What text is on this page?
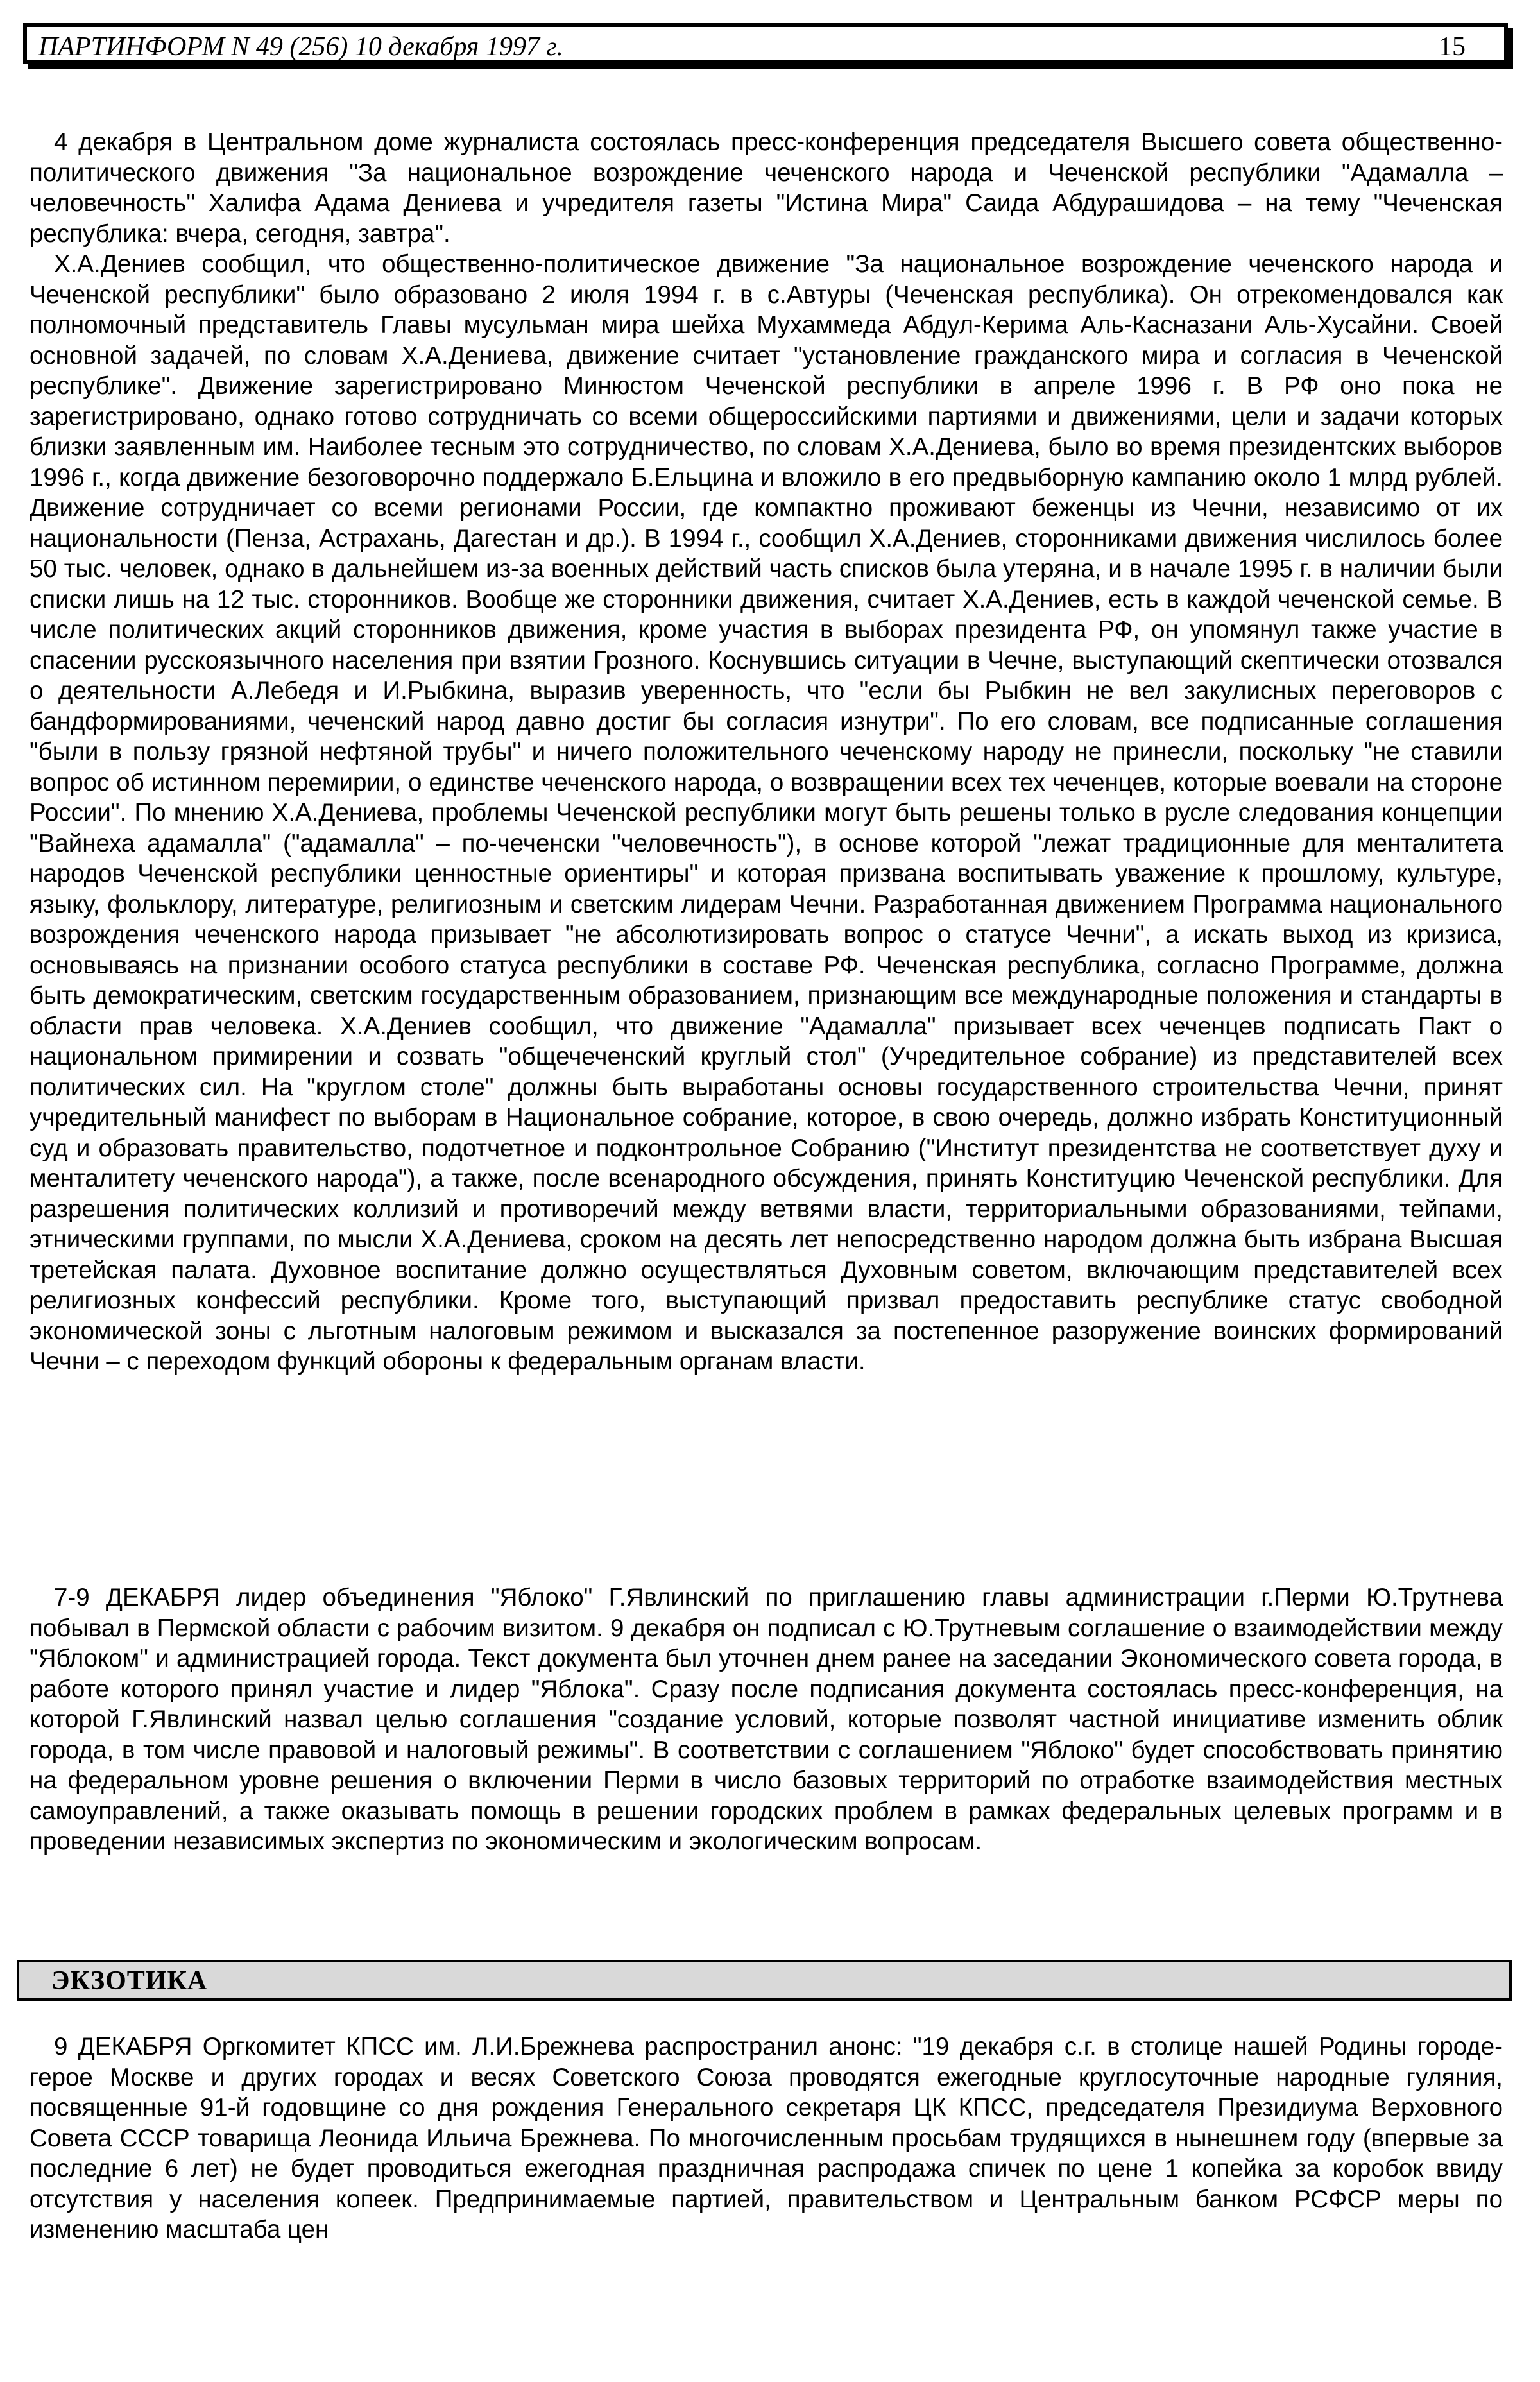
ПАРТИНФОРМ N 49 (256) 10 декабря 1997 г.	15

4 декабря в Центральном доме журналиста состоялась пресс-конференция председателя Высшего совета общественно-политического движения "За национальное возрождение чеченского народа и Чеченской республики "Адамалла – человечность" Халифа Адама Дениева и учредителя газеты "Истина Мира" Саида Абдурашидова – на тему "Чеченская республика: вчера, сегодня, завтра".

Х.А.Дениев сообщил, что общественно-политическое движение "За национальное возрождение чеченского народа и Чеченской республики" было образовано 2 июля 1994 г. в с.Автуры (Чеченская республика). Он отрекомендовался как полномочный представитель Главы мусульман мира шейха Мухаммеда Абдул-Керима Аль-Касназани Аль-Хусайни. Своей основной задачей, по словам Х.А.Дениева, движение считает "установление гражданского мира и согласия в Чеченской республике". Движение зарегистрировано Минюстом Чеченской республики в апреле 1996 г. В РФ оно пока не зарегистрировано, однако готово сотрудничать со всеми общероссийскими партиями и движениями, цели и задачи которых близки заявленным им. Наиболее тесным это сотрудничество, по словам Х.А.Дениева, было во время президентских выборов 1996 г., когда движение безоговорочно поддержало Б.Ельцина и вложило в его предвыборную кампанию около 1 млрд рублей. Движение сотрудничает со всеми регионами России, где компактно проживают беженцы из Чечни, независимо от их национальности (Пенза, Астрахань, Дагестан и др.). В 1994 г., сообщил Х.А.Дениев, сторонниками движения числилось более 50 тыс. человек, однако в дальнейшем из-за военных действий часть списков была утеряна, и в начале 1995 г. в наличии были списки лишь на 12 тыс. сторонников. Вообще же сторонники движения, считает Х.А.Дениев, есть в каждой чеченской семье. В числе политических акций сторонников движения, кроме участия в выборах президента РФ, он упомянул также участие в спасении русскоязычного населения при взятии Грозного. Коснувшись ситуации в Чечне, выступающий скептически отозвался о деятельности А.Лебедя и И.Рыбкина, выразив уверенность, что "если бы Рыбкин не вел закулисных переговоров с бандформированиями, чеченский народ давно достиг бы согласия изнутри". По его словам, все подписанные соглашения "были в пользу грязной нефтяной трубы" и ничего положительного чеченскому народу не принесли, поскольку "не ставили вопрос об истинном перемирии, о единстве чеченского народа, о возвращении всех тех чеченцев, которые воевали на стороне России". По мнению Х.А.Дениева, проблемы Чеченской республики могут быть решены только в русле следования концепции "Вайнеха адамалла" ("адамалла" – по-чеченски "человечность"), в основе которой "лежат традиционные для менталитета народов Чеченской республики ценностные ориентиры" и которая призвана воспитывать уважение к прошлому, культуре, языку, фольклору, литературе, религиозным и светским лидерам Чечни. Разработанная движением Программа национального возрождения чеченского народа призывает "не абсолютизировать вопрос о статусе Чечни", а искать выход из кризиса, основываясь на признании особого статуса республики в составе РФ. Чеченская республика, согласно Программе, должна быть демократическим, светским государственным образованием, признающим все международные положения и стандарты в области прав человека. Х.А.Дениев сообщил, что движение "Адамалла" призывает всех чеченцев подписать Пакт о национальном примирении и созвать "общечеченский круглый стол" (Учредительное собрание) из представителей всех политических сил. На "круглом столе" должны быть выработаны основы государственного строительства Чечни, принят учредительный манифест по выборам в Национальное собрание, которое, в свою очередь, должно избрать Конституционный суд и образовать правительство, подотчетное и подконтрольное Собранию ("Институт президентства не соответствует духу и менталитету чеченского народа"), а также, после всенародного обсуждения, принять Конституцию Чеченской республики. Для разрешения политических коллизий и противоречий между ветвями власти, территориальными образованиями, тейпами, этническими группами, по мысли Х.А.Дениева, сроком на десять лет непосредственно народом должна быть избрана Высшая третейская палата. Духовное воспитание должно осуществляться Духовным советом, включающим представителей всех религиозных конфессий республики. Кроме того, выступающий призвал предоставить республике статус свободной экономической зоны с льготным налоговым режимом и высказался за постепенное разоружение воинских формирований Чечни – с переходом функций обороны к федеральным органам власти.

7-9 ДЕКАБРЯ лидер объединения "Яблоко" Г.Явлинский по приглашению главы администрации г.Перми Ю.Трутнева побывал в Пермской области с рабочим визитом. 9 декабря он подписал с Ю.Трутневым соглашение о взаимодействии между "Яблоком" и администрацией города. Текст документа был уточнен днем ранее на заседании Экономического совета города, в работе которого принял участие и лидер "Яблока". Сразу после подписания документа состоялась пресс-конференция, на которой Г.Явлинский назвал целью соглашения "создание условий, которые позволят частной инициативе изменить облик города, в том числе правовой и налоговый режимы". В соответствии с соглашением "Яблоко" будет способствовать принятию на федеральном уровне решения о включении Перми в число базовых территорий по отработке взаимодействия местных самоуправлений, а также оказывать помощь в решении городских проблем в рамках федеральных целевых программ и в проведении независимых экспертиз по экономическим и экологическим вопросам.

ЭКЗОТИКА

9 ДЕКАБРЯ Оргкомитет КПСС им. Л.И.Брежнева распространил анонс: "19 декабря с.г. в столице нашей Родины городе-герое Москве и других городах и весях Советского Союза проводятся ежегодные круглосуточные народные гуляния, посвященные 91-й годовщине со дня рождения Генерального секретаря ЦК КПСС, председателя Президиума Верховного Совета СССР товарища Леонида Ильича Брежнева. По многочисленным просьбам трудящихся в нынешнем году (впервые за последние 6 лет) не будет проводиться ежегодная праздничная распродажа спичек по цене 1 копейка за коробок ввиду отсутствия у населения копеек. Предпринимаемые партией, правительством и Центральным банком РСФСР меры по изменению масштаба цен
